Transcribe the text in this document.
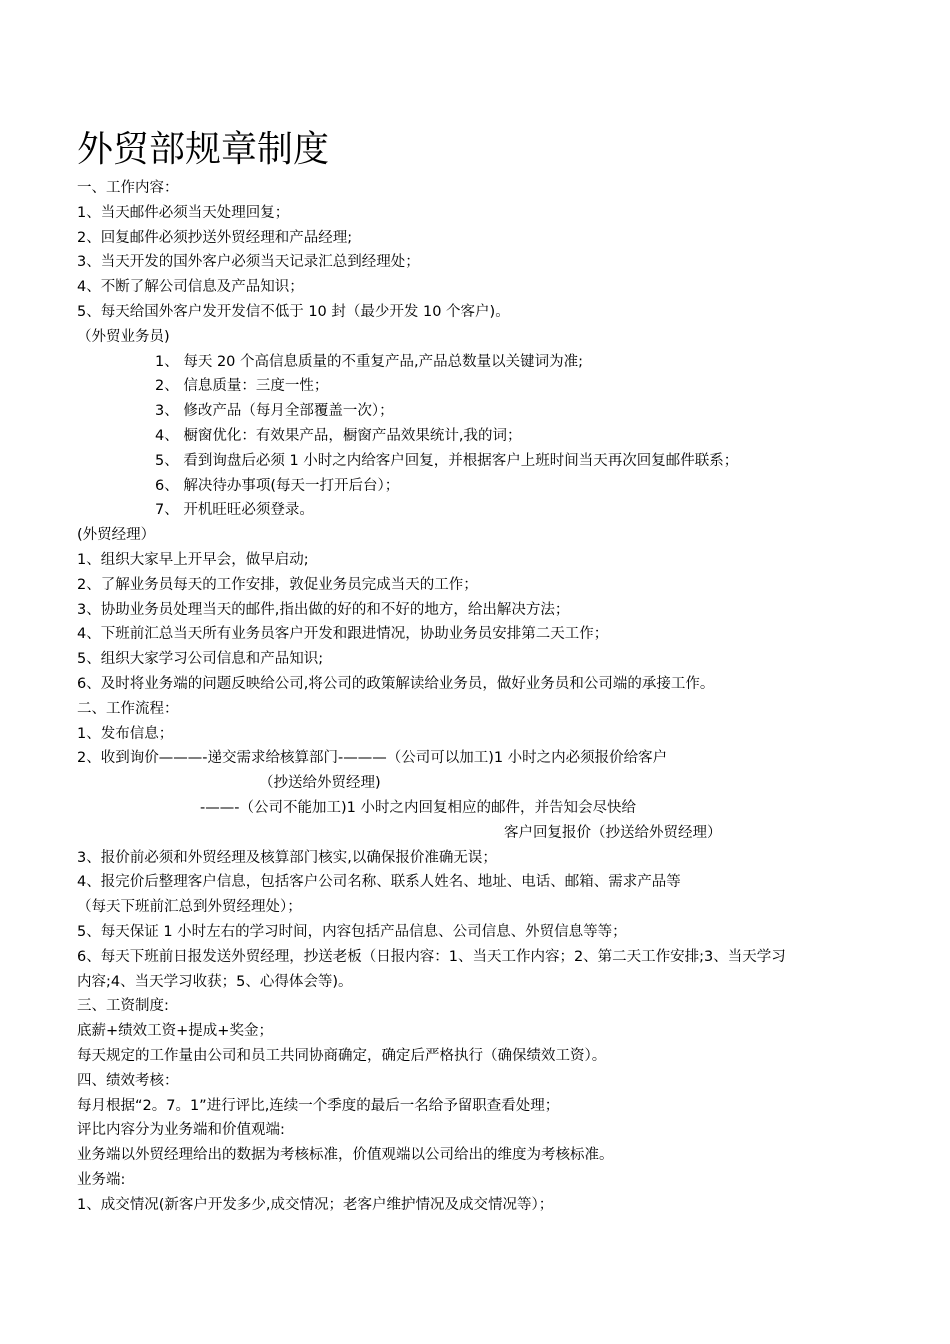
外贸部规章制度
一、工作内容：
1、当天邮件必须当天处理回复；
2、回复邮件必须抄送外贸经理和产品经理;
3、当天开发的国外客户必须当天记录汇总到经理处；
4、不断了解公司信息及产品知识；
5、每天给国外客户发开发信不低于 10 封（最少开发 10 个客户)。
（外贸业务员)
1、 每天 20 个高信息质量的不重复产品,产品总数量以关键词为准;
2、 信息质量：三度一性；
3、 修改产品（每月全部覆盖一次）；
4、 橱窗优化：有效果产品，橱窗产品效果统计,我的词；
5、 看到询盘后必须 1 小时之内给客户回复，并根据客户上班时间当天再次回复邮件联系；
6、 解决待办事项(每天一打开后台）；
7、 开机旺旺必须登录。
(外贸经理）
1、组织大家早上开早会，做早启动;
2、了解业务员每天的工作安排，敦促业务员完成当天的工作；
3、协助业务员处理当天的邮件,指出做的好的和不好的地方，给出解决方法；
4、下班前汇总当天所有业务员客户开发和跟进情况，协助业务员安排第二天工作；
5、组织大家学习公司信息和产品知识;
6、及时将业务端的问题反映给公司,将公司的政策解读给业务员，做好业务员和公司端的承接工作。
二、工作流程：
1、发布信息；
2、收到询价———-递交需求给核算部门-———（公司可以加工)1 小时之内必须报价给客户
（抄送给外贸经理)
-——-（公司不能加工)1 小时之内回复相应的邮件，并告知会尽快给
客户回复报价（抄送给外贸经理）
3、报价前必须和外贸经理及核算部门核实,以确保报价准确无误；
4、报完价后整理客户信息，包括客户公司名称、联系人姓名、地址、电话、邮箱、需求产品等
（每天下班前汇总到外贸经理处）；
5、每天保证 1 小时左右的学习时间，内容包括产品信息、公司信息、外贸信息等等；
6、每天下班前日报发送外贸经理，抄送老板（日报内容：1、当天工作内容；2、第二天工作安排;3、当天学习
内容;4、当天学习收获；5、心得体会等)。
三、工资制度:
底薪+绩效工资+提成+奖金；
每天规定的工作量由公司和员工共同协商确定，确定后严格执行（确保绩效工资）。
四、绩效考核：
每月根据“2。7。1”进行评比,连续一个季度的最后一名给予留职查看处理；
评比内容分为业务端和价值观端:
业务端以外贸经理给出的数据为考核标准，价值观端以公司给出的维度为考核标准。
业务端:
1、成交情况(新客户开发多少,成交情况；老客户维护情况及成交情况等）；
